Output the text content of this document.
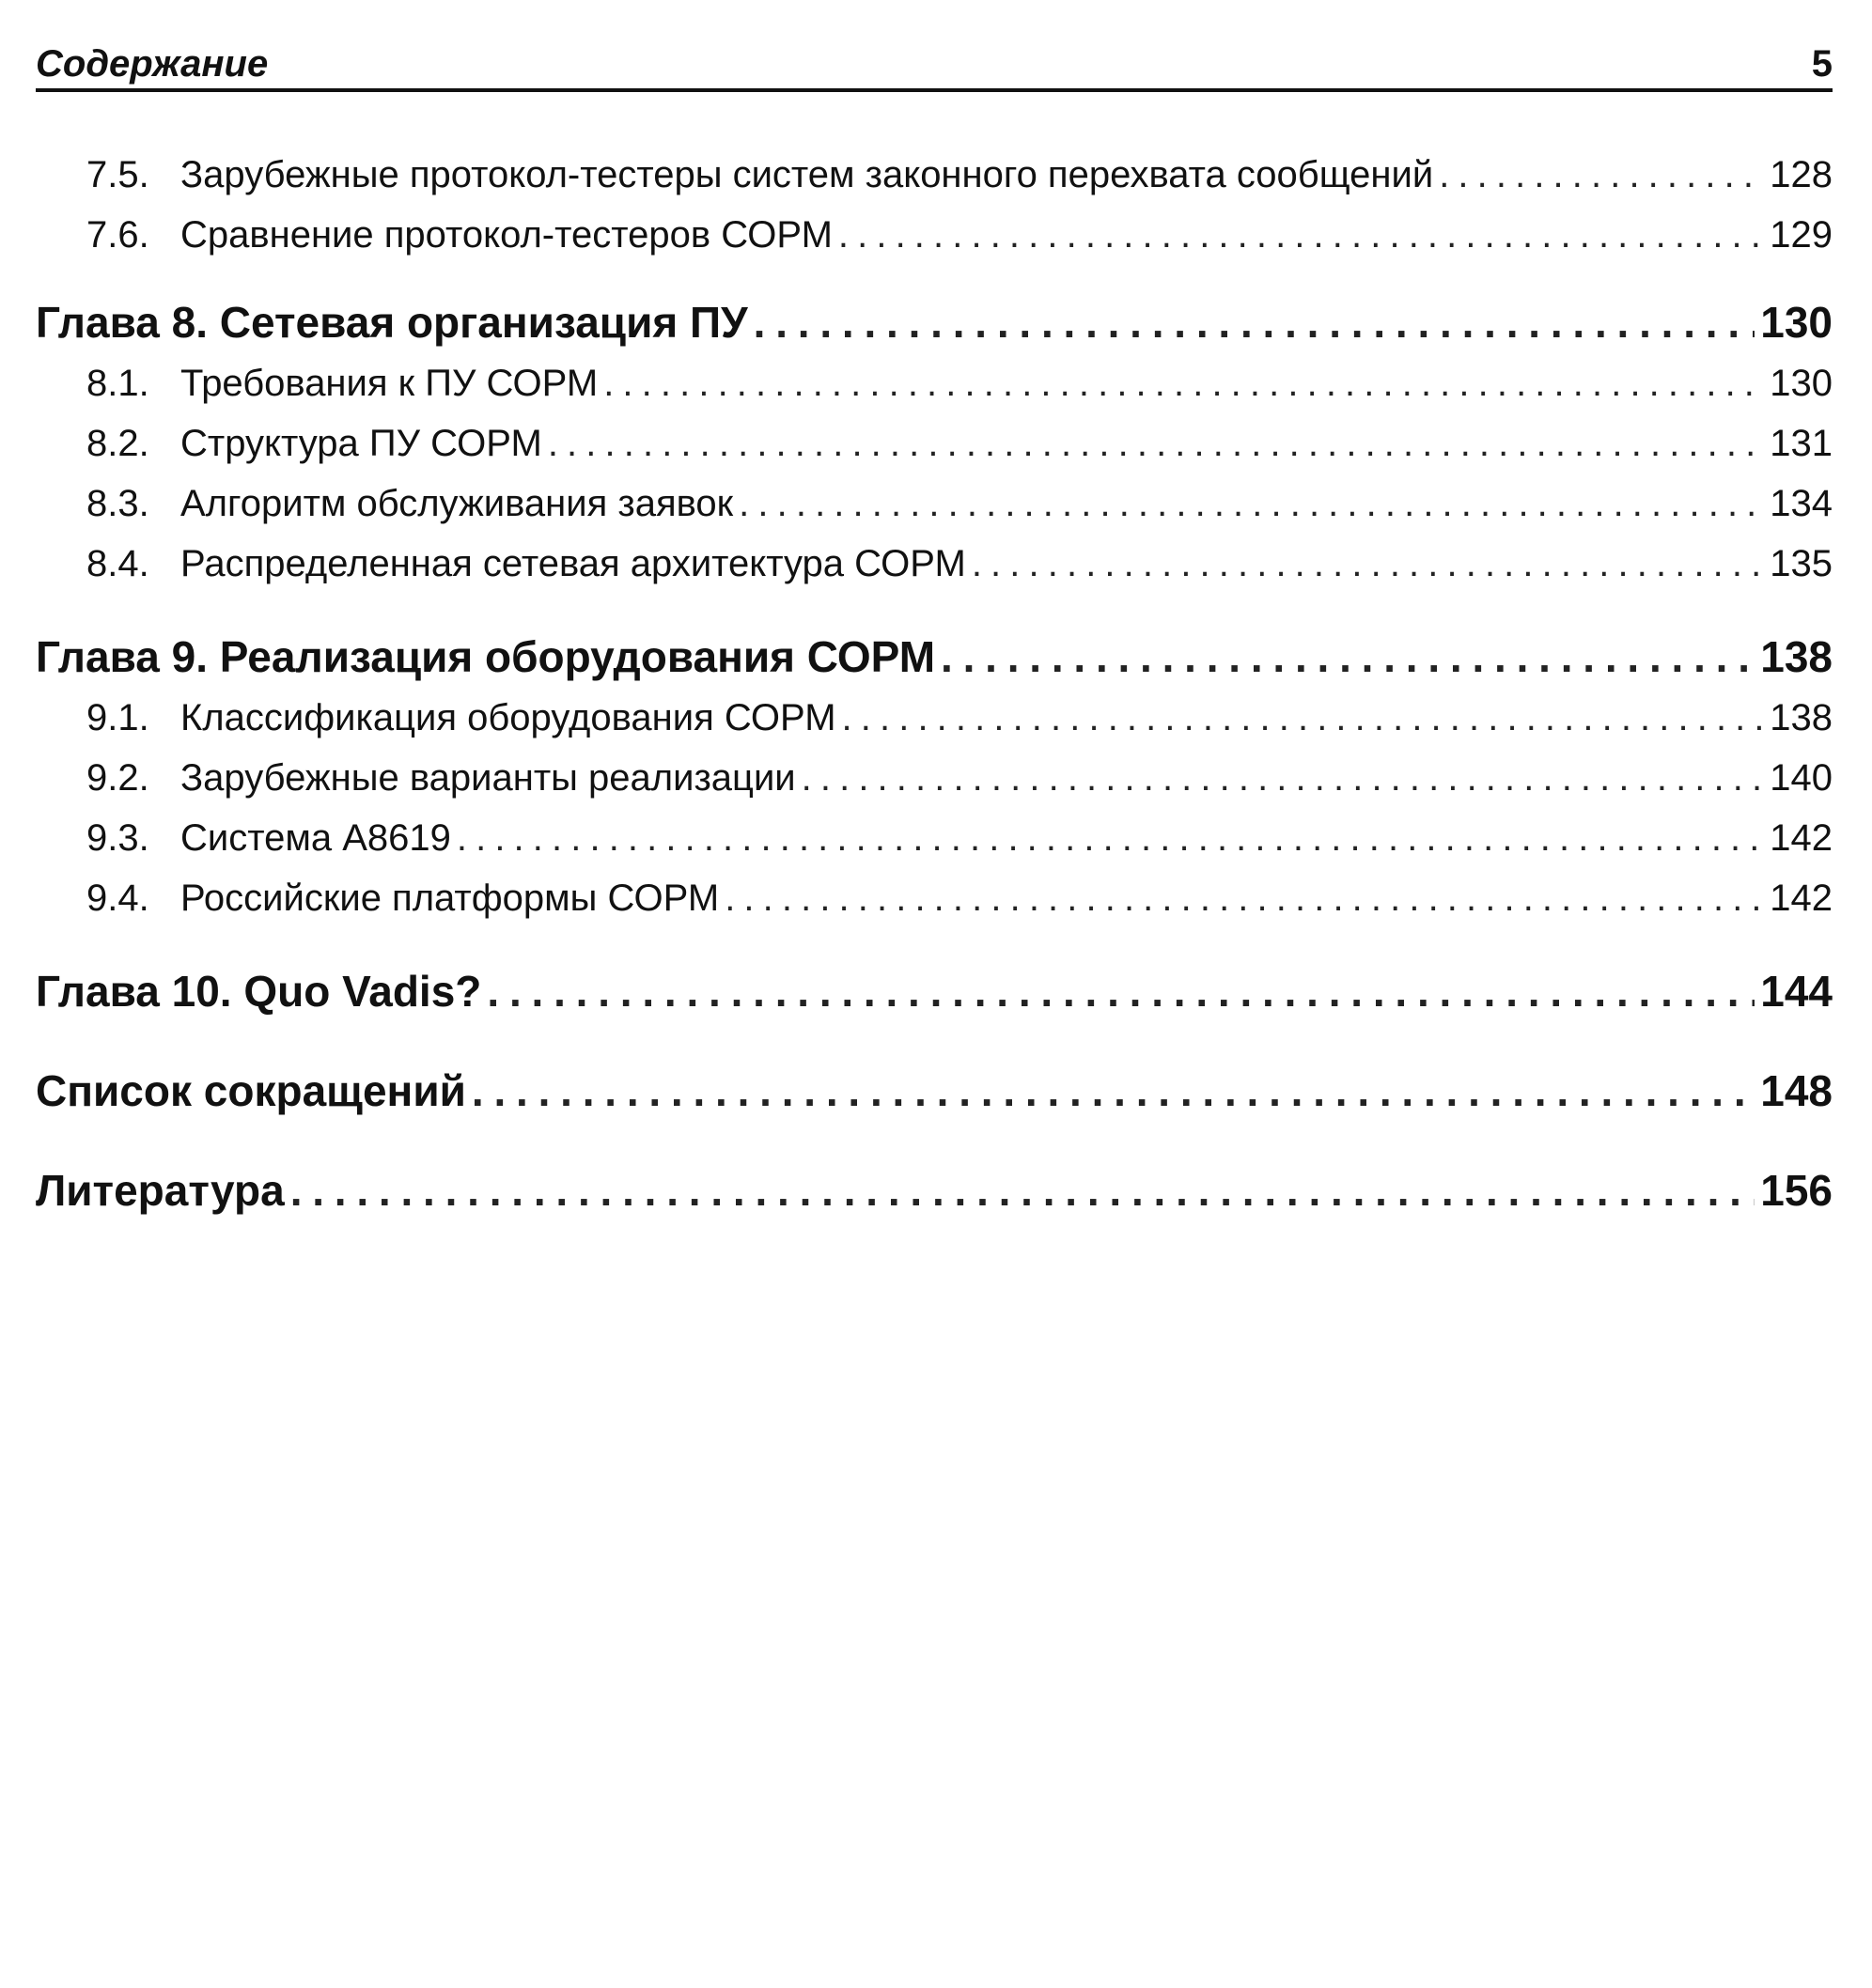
Содержание	5
7.5. Зарубежные протокол-тестеры систем законного перехвата сообщений . . .	128
7.6. Сравнение протокол-тестеров СОРМ . . .	129
Глава 8. Сетевая организация ПУ . . .	130
8.1. Требования к ПУ СОРМ . . .	130
8.2. Структура ПУ СОРМ . . .	131
8.3. Алгоритм обслуживания заявок . . .	134
8.4. Распределенная сетевая архитектура СОРМ . . .	135
Глава 9. Реализация оборудования СОРМ . . .	138
9.1. Классификация оборудования СОРМ . . .	138
9.2. Зарубежные варианты реализации . . .	140
9.3. Система А8619 . . .	142
9.4. Российские платформы СОРМ . . .	142
Глава 10. Quo Vadis? . . .	144
Список сокращений . . .	148
Литература . . .	156
